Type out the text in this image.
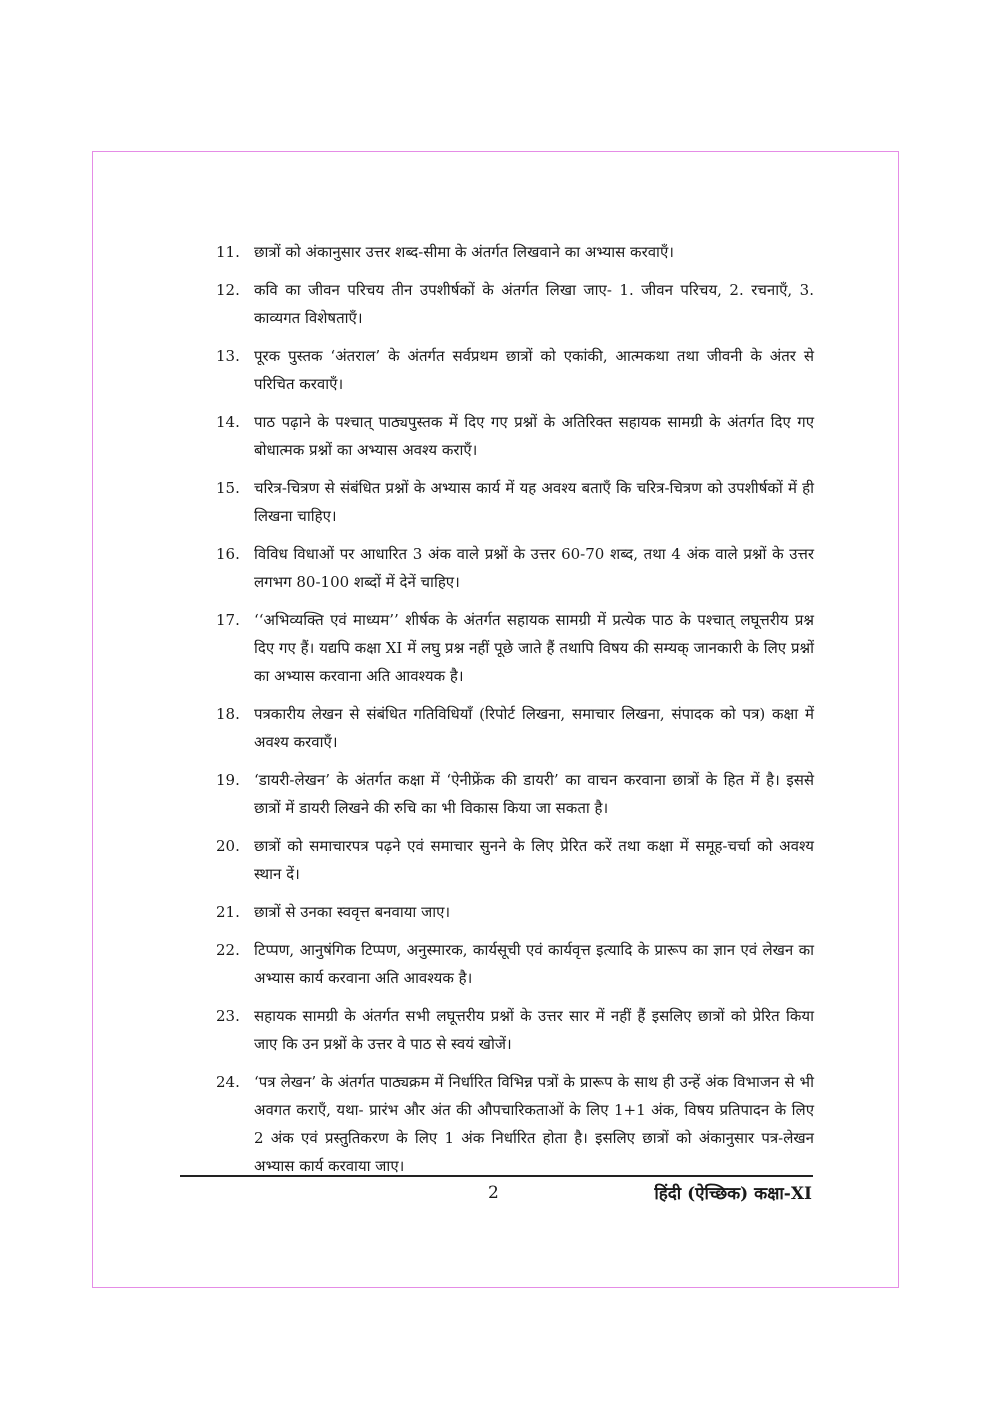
11. छात्रों को अंकानुसार उत्तर शब्द-सीमा के अंतर्गत लिखवाने का अभ्यास करवाएँ।
12. कवि का जीवन परिचय तीन उपशीर्षकों के अंतर्गत लिखा जाए- 1. जीवन परिचय, 2. रचनाएँ, 3. काव्यगत विशेषताएँ।
13. पूरक पुस्तक ‘अंतराल’ के अंतर्गत सर्वप्रथम छात्रों को एकांकी, आत्मकथा तथा जीवनी के अंतर से परिचित करवाएँ।
14. पाठ पढ़ाने के पश्चात् पाठ्यपुस्तक में दिए गए प्रश्नों के अतिरिक्त सहायक सामग्री के अंतर्गत दिए गए बोधात्मक प्रश्नों का अभ्यास अवश्य कराएँ।
15. चरित्र-चित्रण से संबंधित प्रश्नों के अभ्यास कार्य में यह अवश्य बताएँ कि चरित्र-चित्रण को उपशीर्षकों में ही लिखना चाहिए।
16. विविध विधाओं पर आधारित 3 अंक वाले प्रश्नों के उत्तर 60-70 शब्द, तथा 4 अंक वाले प्रश्नों के उत्तर लगभग 80-100 शब्दों में देनें चाहिए।
17. ‘‘अभिव्यक्ति एवं माध्यम’’ शीर्षक के अंतर्गत सहायक सामग्री में प्रत्येक पाठ के पश्चात् लघूत्तरीय प्रश्न दिए गए हैं। यद्यपि कक्षा XI में लघु प्रश्न नहीं पूछे जाते हैं तथापि विषय की सम्यक् जानकारी के लिए प्रश्नों का अभ्यास करवाना अति आवश्यक है।
18. पत्रकारीय लेखन से संबंधित गतिविधियाँ (रिपोर्ट लिखना, समाचार लिखना, संपादक को पत्र) कक्षा में अवश्य करवाएँ।
19. ‘डायरी-लेखन’ के अंतर्गत कक्षा में ‘ऐनीफ्रेंक की डायरी’ का वाचन करवाना छात्रों के हित में है। इससे छात्रों में डायरी लिखने की रुचि का भी विकास किया जा सकता है।
20. छात्रों को समाचारपत्र पढ़ने एवं समाचार सुनने के लिए प्रेरित करें तथा कक्षा में समूह-चर्चा को अवश्य स्थान दें।
21. छात्रों से उनका स्ववृत्त बनवाया जाए।
22. टिप्पण, आनुषंगिक टिप्पण, अनुस्मारक, कार्यसूची एवं कार्यवृत्त इत्यादि के प्रारूप का ज्ञान एवं लेखन का अभ्यास कार्य करवाना अति आवश्यक है।
23. सहायक सामग्री के अंतर्गत सभी लघूत्तरीय प्रश्नों के उत्तर सार में नहीं हैं इसलिए छात्रों को प्रेरित किया जाए कि उन प्रश्नों के उत्तर वे पाठ से स्वयं खोजें।
24. ‘पत्र लेखन’ के अंतर्गत पाठ्यक्रम में निर्धारित विभिन्न पत्रों के प्रारूप के साथ ही उन्हें अंक विभाजन से भी अवगत कराएँ, यथा- प्रारंभ और अंत की औपचारिकताओं के लिए 1+1 अंक, विषय प्रतिपादन के लिए 2 अंक एवं प्रस्तुतिकरण के लिए 1 अंक निर्धारित होता है। इसलिए छात्रों को अंकानुसार पत्र-लेखन अभ्यास कार्य करवाया जाए।
2	हिंदी (ऐच्छिक) कक्षा-XI
